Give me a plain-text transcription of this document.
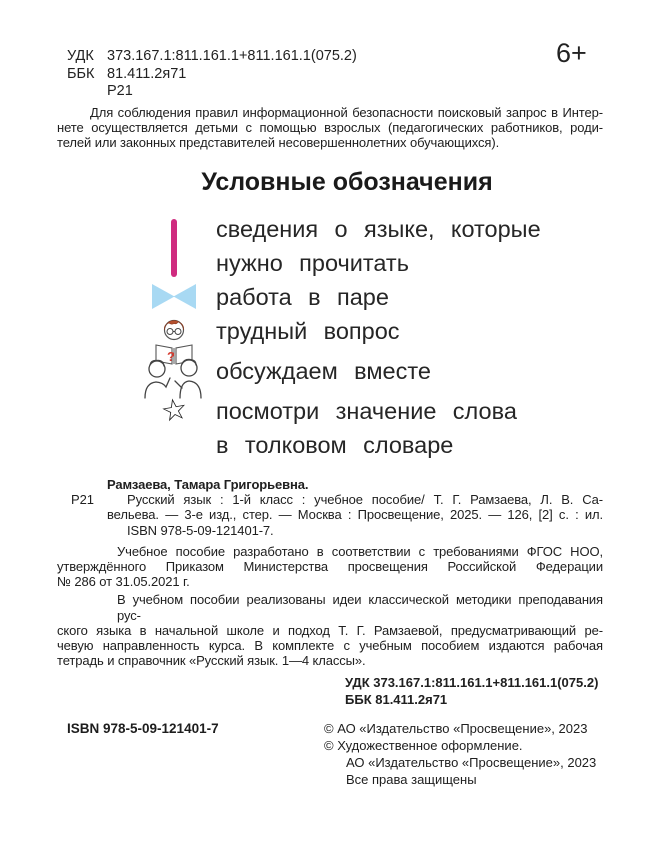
УДК 373.167.1:811.161.1+811.161.1(075.2)
ББК 81.411.2я71
Р21
6+
Для соблюдения правил информационной безопасности поисковый запрос в Интер-
нете осуществляется детьми с помощью взрослых (педагогических работников, роди-
телей или законных представителей несовершеннолетних обучающихся).
Условные обозначения
сведения о языке, которые
нужно прочитать
работа в паре
?
трудный вопрос
обсуждаем вместе
☆ посмотри значение слова
в толковом словаре
Рамзаева, Тамара Григорьевна.
Р21	Русский язык : 1-й класс : учебное пособие/ Т. Г. Рамзаева, Л. В. Са-
вельева. — 3-е изд., стер. — Москва : Просвещение, 2025. — 126, [2] с. : ил.
ISBN 978-5-09-121401-7.
Учебное пособие разработано в соответствии с требованиями ФГОС НОО,
утверждённого Приказом Министерства просвещения Российской Федерации
№ 286 от 31.05.2021 г.
В учебном пособии реализованы идеи классической методики преподавания рус-
ского языка в начальной школе и подход Т. Г. Рамзаевой, предусматривающий ре-
чевую направленность курса. В комплекте с учебным пособием издаются рабочая
тетрадь и справочник «Русский язык. 1—4 классы».
УДК 373.167.1:811.161.1+811.161.1(075.2)
ББК 81.411.2я71
ISBN 978-5-09-121401-7	© АО «Издательство «Просвещение», 2023
© Художественное оформление.
АО «Издательство «Просвещение», 2023
Все права защищены
